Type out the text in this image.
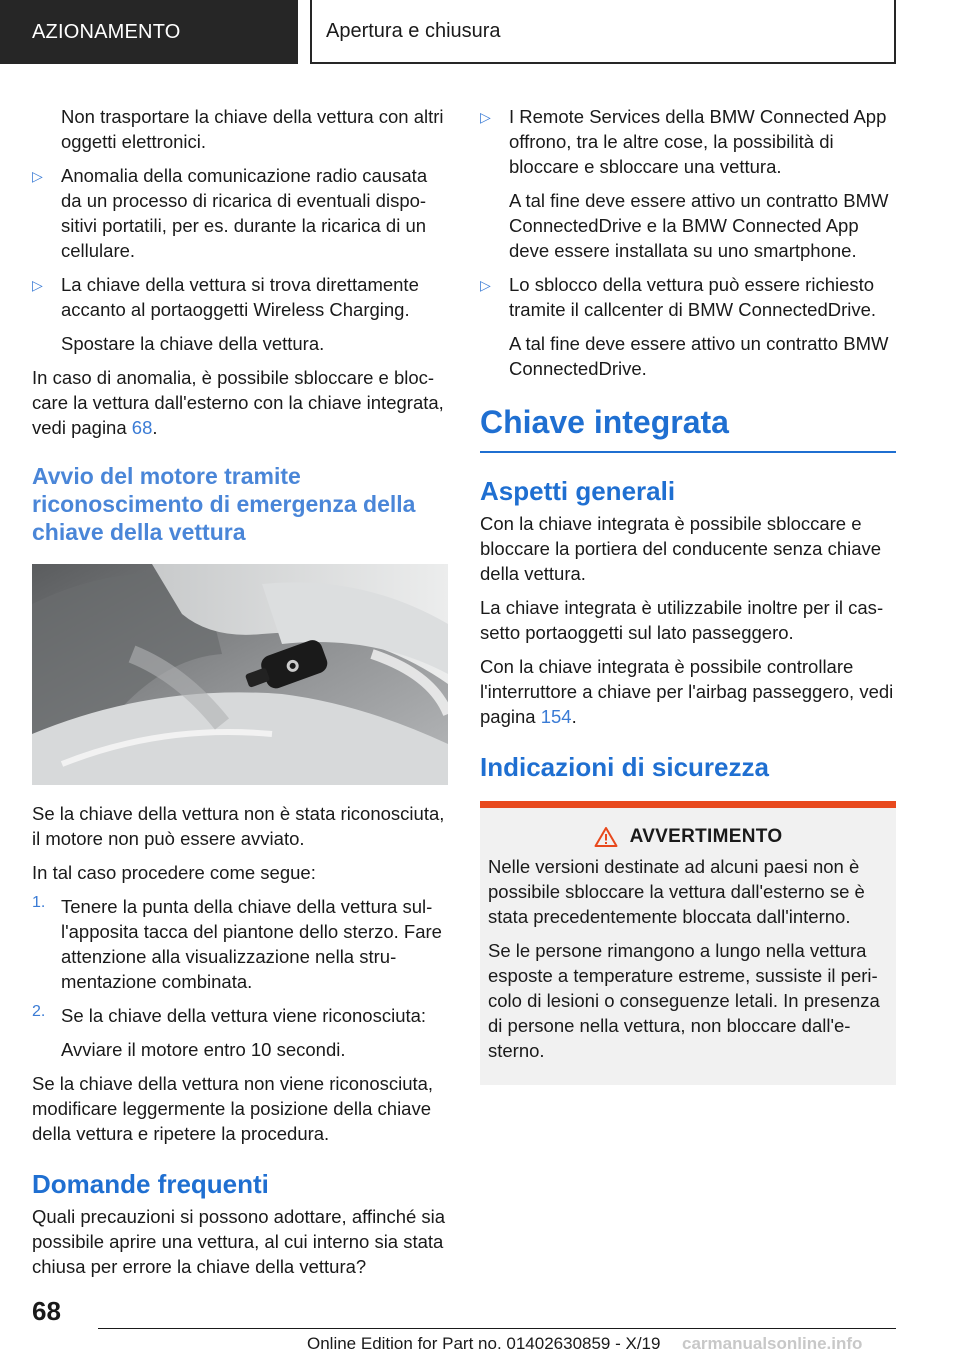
AZIONAMENTO	Apertura e chiusura

Non trasportare la chiave della vettura con altri oggetti elettronici.

▷ Anomalia della comunicazione radio causata da un processo di ricarica di eventuali dispositivi portatili, per es. durante la ricarica di un cellulare.

▷ La chiave della vettura si trova direttamente accanto al portaoggetti Wireless Charging.

Spostare la chiave della vettura.

In caso di anomalia, è possibile sbloccare e bloccare la vettura dall'esterno con la chiave integrata, vedi pagina 68.

Avvio del motore tramite riconoscimento di emergenza della chiave della vettura

Se la chiave della vettura non è stata riconosciuta, il motore non può essere avviato.

In tal caso procedere come segue:

1. Tenere la punta della chiave della vettura sull'apposita tacca del piantone dello sterzo. Fare attenzione alla visualizzazione nella strumentazione combinata.

2. Se la chiave della vettura viene riconosciuta:

Avviare il motore entro 10 secondi.

Se la chiave della vettura non viene riconosciuta, modificare leggermente la posizione della chiave della vettura e ripetere la procedura.

Domande frequenti

Quali precauzioni si possono adottare, affinché sia possibile aprire una vettura, al cui interno sia stata chiusa per errore la chiave della vettura?

▷ I Remote Services della BMW Connected App offrono, tra le altre cose, la possibilità di bloccare e sbloccare una vettura.

A tal fine deve essere attivo un contratto BMW ConnectedDrive e la BMW Connected App deve essere installata su uno smartphone.

▷ Lo sblocco della vettura può essere richiesto tramite il callcenter di BMW ConnectedDrive.

A tal fine deve essere attivo un contratto BMW ConnectedDrive.

Chiave integrata
Aspetti generali

Con la chiave integrata è possibile sbloccare e bloccare la portiera del conducente senza chiave della vettura.

La chiave integrata è utilizzabile inoltre per il cassetto portaoggetti sul lato passeggero.

Con la chiave integrata è possibile controllare l'interruttore a chiave per l'airbag passeggero, vedi pagina 154.

Indicazioni di sicurezza
AVVERTIMENTO

Nelle versioni destinate ad alcuni paesi non è possibile sbloccare la vettura dall'esterno se è stata precedentemente bloccata dall'interno.

Se le persone rimangono a lungo nella vettura esposte a temperature estreme, sussiste il pericolo di lesioni o conseguenze letali. In presenza di persone nella vettura, non bloccare dall'esterno.

68
Online Edition for Part no. 01402630859 - X/19 carmanualsonline.info
